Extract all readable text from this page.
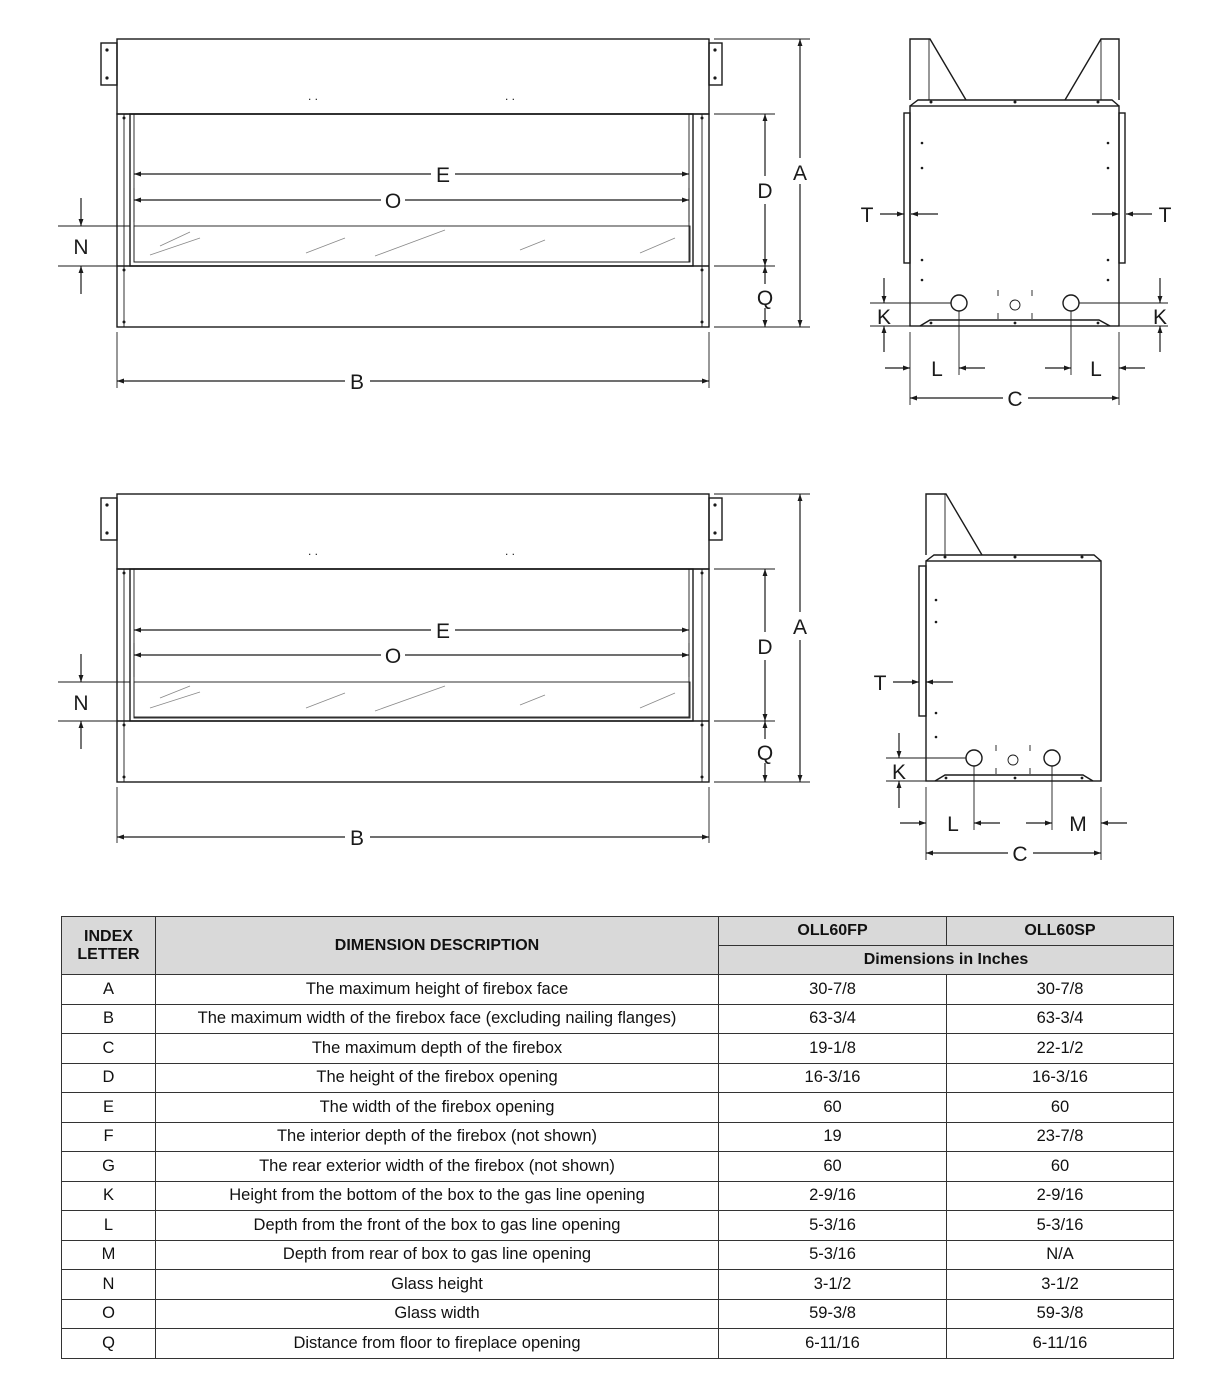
. .	. .
E
O
N
D
Q
A
B
T	T
K	K
L	L
C
. .	. .
E
O
N
D
Q
A
B
T
K
L	M
C
INDEX LETTER	DIMENSION DESCRIPTION	OLL60FP	OLL60SP
		Dimensions in Inches	
A	The maximum height of firebox face	30-7/8	30-7/8
B	The maximum width of the firebox face (excluding nailing flanges)	63-3/4	63-3/4
C	The maximum depth of the firebox	19-1/8	22-1/2
D	The height of the firebox opening	16-3/16	16-3/16
E	The width of the firebox opening	60	60
F	The interior depth of the firebox (not shown)	19	23-7/8
G	The rear exterior width of the firebox (not shown)	60	60
K	Height from the bottom of the box to the gas line opening	2-9/16	2-9/16
L	Depth from the front of the box to gas line opening	5-3/16	5-3/16
M	Depth from rear of box to gas line opening	5-3/16	N/A
N	Glass height	3-1/2	3-1/2
O	Glass width	59-3/8	59-3/8
Q	Distance from floor to fireplace opening	6-11/16	6-11/16
